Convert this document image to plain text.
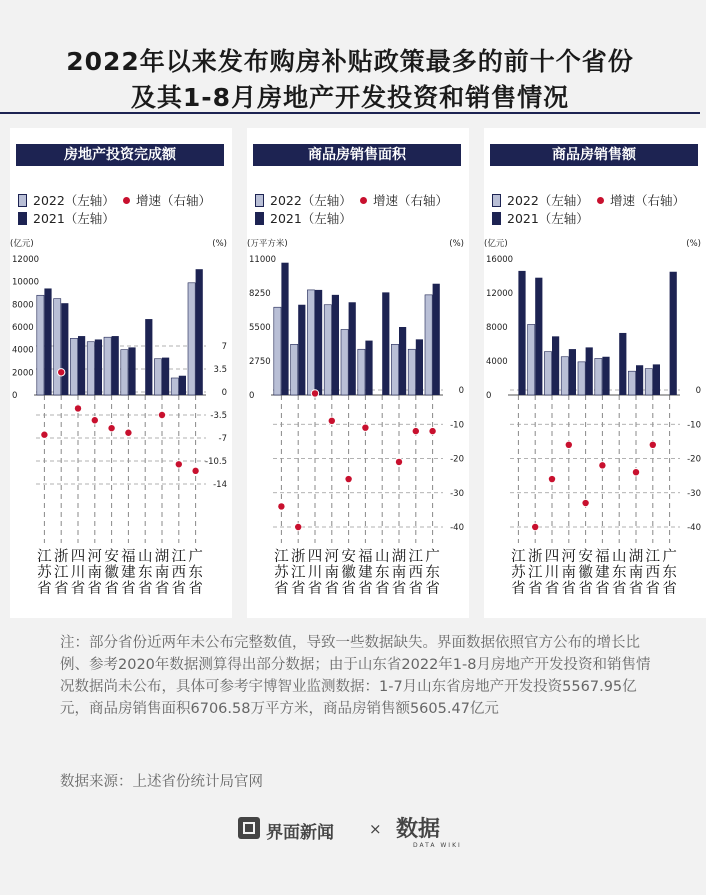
2022年以来发布购房补贴政策最多的前十个省份
及其1-8月房地产开发投资和销售情况
房地产投资完成额
2022（左轴）	增速（右轴）
2021（左轴）
(亿元)	(%)
0
2000
4000
6000
8000
10000
12000
7
3.5
0
-3.5
-7
-10.5
-14
江
苏
省
浙
江
省
四
川
省
河
南
省
安
徽
省
福
建
省
山
东
省
湖
南
省
江
西
省
广
东
省
商品房销售面积
2022（左轴）	增速（右轴）
2021（左轴）
(万平方米)	(%)
0
2750
5500
8250
11000
0
-10
-20
-30
-40
江
苏
省
浙
江
省
四
川
省
河
南
省
安
徽
省
福
建
省
山
东
省
湖
南
省
江
西
省
广
东
省
商品房销售额
2022（左轴）	增速（右轴）
2021（左轴）
(亿元)	(%)
0
4000
8000
12000
16000
0
-10
-20
-30
-40
江
苏
省
浙
江
省
四
川
省
河
南
省
安
徽
省
福
建
省
山
东
省
湖
南
省
江
西
省
广
东
省
注：部分省份近两年未公布完整数值，导致一些数据缺失。界面数据依照官方公布的增长比例、参考2020年数据测算得出部分数据；由于山东省2022年1-8月房地产开发投资和销售情况数据尚未公布，具体可参考宇博智业监测数据：1-7月山东省房地产开发投资5567.95亿元，商品房销售面积6706.58万平方米，商品房销售额5605.47亿元
数据来源：上述省份统计局官网
界面新闻 × 数据
DATA WIKI
